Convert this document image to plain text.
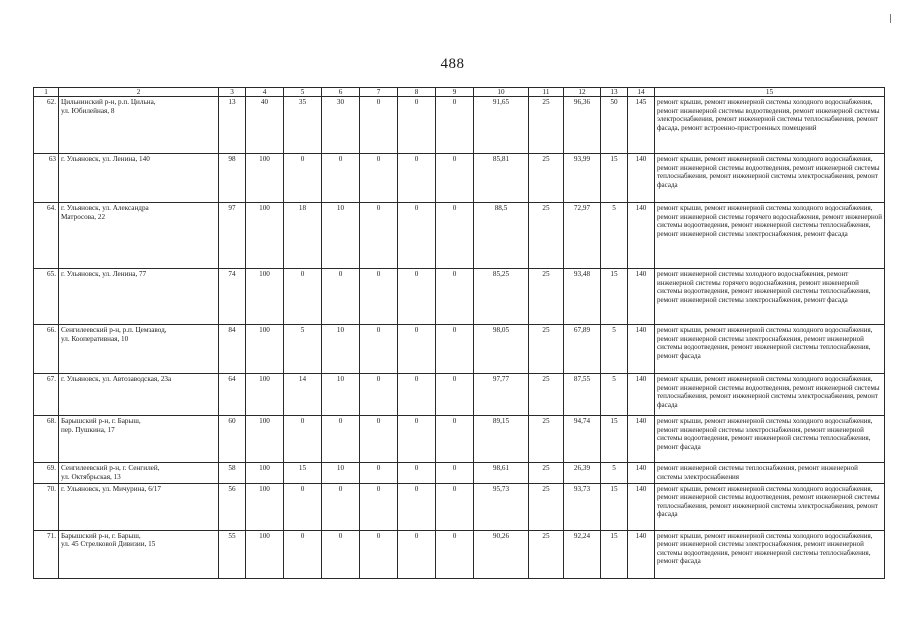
488
1	2	3	4	5	6	7	8	9	10	11	12	13	14	15
62.	Цильнинский р-н, р.п. Цильна,
ул. Юбилейная, 8	13	40	35	30	0	0	0	91,65	25	96,36	50	145	ремонт крыши, ремонт инженерной системы холодного водоснабжения, ремонт инженерной системы водоотведения, ремонт инженерной системы электроснабжения, ремонт инженерной системы теплоснабжения, ремонт фасада, ремонт встроенно-пристроенных помещений
63	г. Ульяновск, ул. Ленина, 140	98	100	0	0	0	0	0	85,81	25	93,99	15	140	ремонт крыши, ремонт инженерной системы холодного водоснабжения, ремонт инженерной системы водоотведения, ремонт инженерной системы теплоснабжения, ремонт инженерной системы электроснабжения, ремонт фасада
64.	г. Ульяновск, ул. Александра
Матросова, 22	97	100	18	10	0	0	0	88,5	25	72,97	5	140	ремонт крыши, ремонт инженерной системы холодного водоснабжения, ремонт инженерной системы горячего водоснабжения, ремонт инженерной системы водоотведения, ремонт инженерной системы теплоснабжения, ремонт инженерной системы электроснабжения, ремонт фасада
65.	г. Ульяновск, ул. Ленина, 77	74	100	0	0	0	0	0	85,25	25	93,48	15	140	ремонт инженерной системы холодного водоснабжения, ремонт инженерной системы горячего водоснабжения, ремонт инженерной системы водоотведения, ремонт инженерной системы теплоснабжения, ремонт инженерной системы электроснабжения, ремонт фасада
66.	Сенгилеевский р-н, р.п. Цемзавод,
ул. Кооперативная, 10	84	100	5	10	0	0	0	98,05	25	67,89	5	140	ремонт крыши, ремонт инженерной системы холодного водоснабжения, ремонт инженерной системы электроснабжения, ремонт инженерной системы водоотведения, ремонт инженерной системы теплоснабжения, ремонт фасада
67.	г. Ульяновск, ул. Автозаводская, 23а	64	100	14	10	0	0	0	97,77	25	87,55	5	140	ремонт крыши, ремонт инженерной системы холодного водоснабжения, ремонт инженерной системы водоотведения, ремонт инженерной системы теплоснабжения, ремонт инженерной системы электроснабжения, ремонт фасада
68.	Барышский р-н, г. Барыш,
пер. Пушкина, 17	60	100	0	0	0	0	0	89,15	25	94,74	15	140	ремонт крыши, ремонт инженерной системы холодного водоснабжения, ремонт инженерной системы электроснабжения, ремонт инженерной системы водоотведения, ремонт инженерной системы теплоснабжения, ремонт фасада
69.	Сенгилеевский р-н, г. Сенгилей,
ул. Октябрьская, 13	58	100	15	10	0	0	0	98,61	25	26,39	5	140	ремонт инженерной системы теплоснабжения, ремонт инженерной системы электроснабжения
70.	г. Ульяновск, ул. Мичурина, 6/17	56	100	0	0	0	0	0	95,73	25	93,73	15	140	ремонт крыши, ремонт инженерной системы холодного водоснабжения, ремонт инженерной системы водоотведения, ремонт инженерной системы теплоснабжения, ремонт инженерной системы электроснабжения, ремонт фасада
71.	Барышский р-н, г. Барыш,
ул. 45 Стрелковой Дивизии, 15	55	100	0	0	0	0	0	90,26	25	92,24	15	140	ремонт крыши, ремонт инженерной системы холодного водоснабжения, ремонт инженерной системы электроснабжения, ремонт инженерной системы водоотведения, ремонт инженерной системы теплоснабжения, ремонт фасада
